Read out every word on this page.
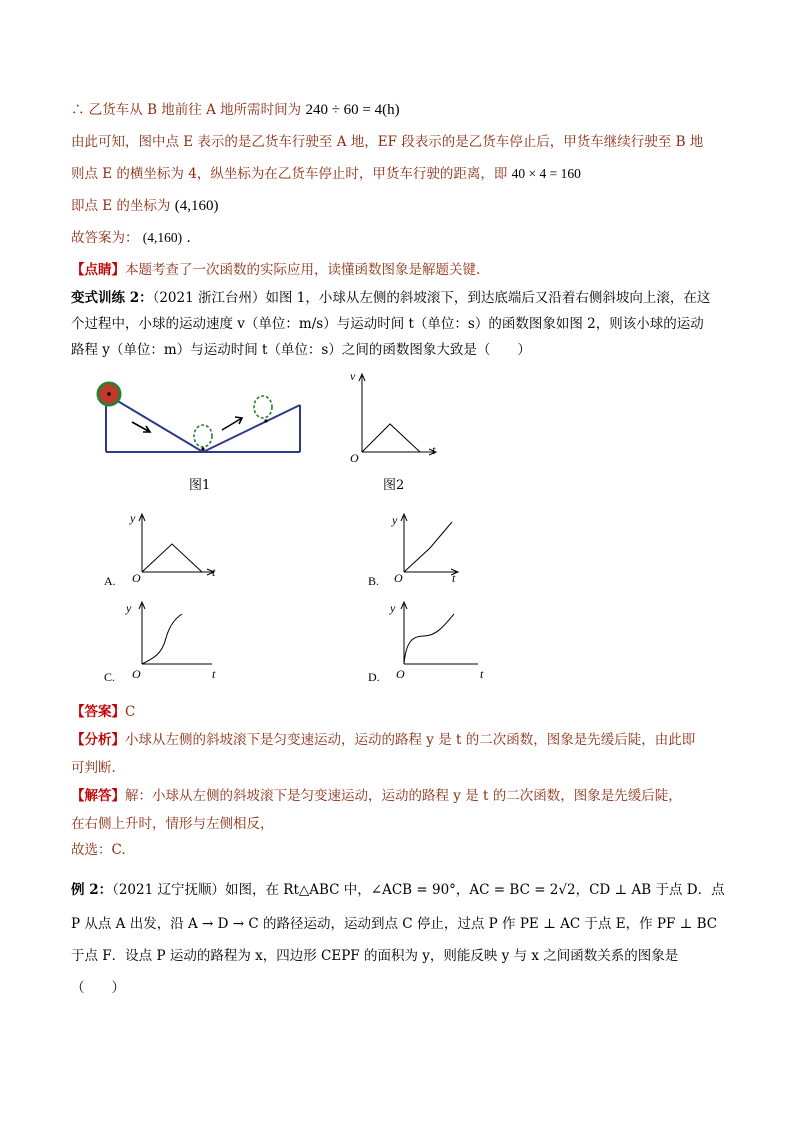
∴ 乙货车从 B 地前往 A 地所需时间为 240 ÷ 60 = 4(h)
由此可知，图中点 E 表示的是乙货车行驶至 A 地，EF 段表示的是乙货车停止后，甲货车继续行驶至 B 地
则点 E 的横坐标为 4，纵坐标为在乙货车停止时，甲货车行驶的距离，即 40 × 4 = 160
即点 E 的坐标为 (4,160)
故答案为： (4,160) .
【点睛】本题考查了一次函数的实际应用，读懂函数图象是解题关键.
变式训练 2：（2021 浙江台州）如图 1，小球从左侧的斜坡滚下，到达底端后又沿着右侧斜坡向上滚，在这
个过程中，小球的运动速度 v（单位：m/s）与运动时间 t（单位：s）的函数图象如图 2，则该小球的运动
路程 y（单位：m）与运动时间 t（单位：s）之间的函数图象大致是（　　）
图1
v
t
O
图2
y
t
O
A.
y
t
O
B.
y
t
O
C.
y
t
O
D.
【答案】C
【分析】小球从左侧的斜坡滚下是匀变速运动，运动的路程 y 是 t 的二次函数，图象是先缓后陡，由此即
可判断.
【解答】解：小球从左侧的斜坡滚下是匀变速运动，运动的路程 y 是 t 的二次函数，图象是先缓后陡，
在右侧上升时，情形与左侧相反，
故选：C.
例 2：（2021 辽宁抚顺）如图，在 Rt△ABC 中，∠ACB = 90°，AC = BC = 2√2，CD ⊥ AB 于点 D．点
P 从点 A 出发，沿 A → D → C 的路径运动，运动到点 C 停止，过点 P 作 PE ⊥ AC 于点 E，作 PF ⊥ BC
于点 F．设点 P 运动的路程为 x，四边形 CEPF 的面积为 y，则能反映 y 与 x 之间函数关系的图象是
（　　）
